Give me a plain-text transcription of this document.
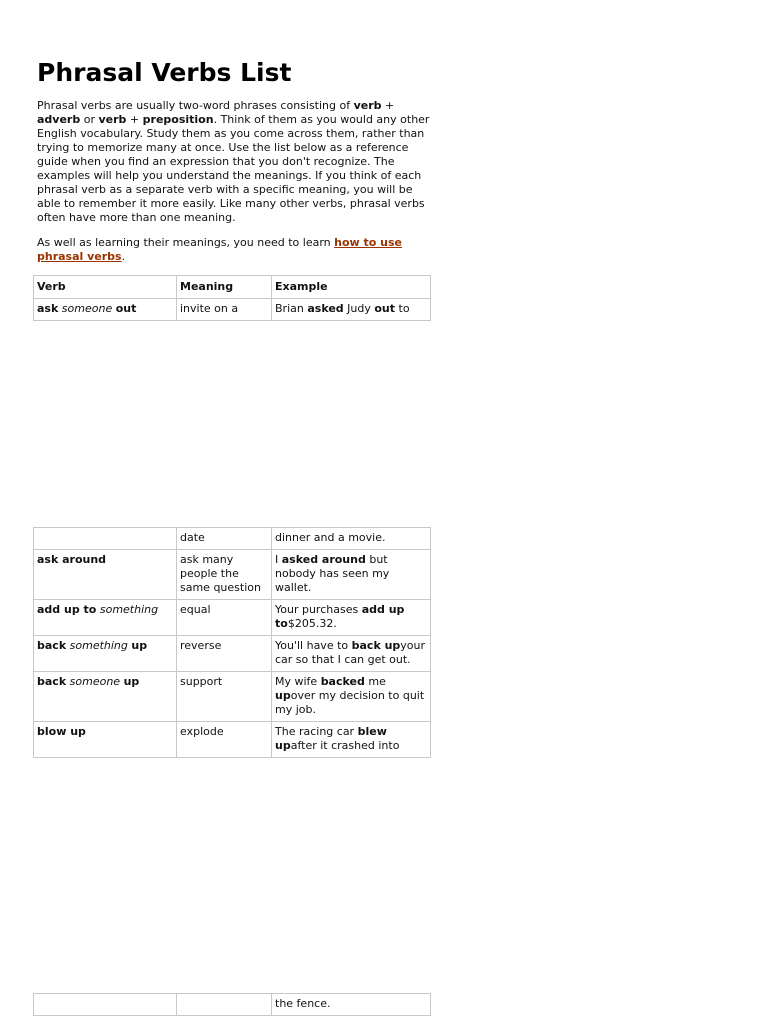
Phrasal Verbs List

Phrasal verbs are usually two-word phrases consisting of verb + adverb or verb + preposition. Think of them as you would any other English vocabulary. Study them as you come across them, rather than trying to memorize many at once. Use the list below as a reference guide when you find an expression that you don't recognize. The examples will help you understand the meanings. If you think of each phrasal verb as a separate verb with a specific meaning, you will be able to remember it more easily. Like many other verbs, phrasal verbs often have more than one meaning.

As well as learning their meanings, you need to learn how to use phrasal verbs.

Verb	Meaning	Example
ask someone out	invite on a	Brian asked Judy out to
	date	dinner and a movie.
ask around	ask many people the same question	I asked around but nobody has seen my wallet.
add up to something	equal	Your purchases add up to$205.32.
back something up	reverse	You'll have to back upyour car so that I can get out.
back someone up	support	My wife backed me upover my decision to quit my job.
blow up	explode	The racing car blew upafter it crashed into
		the fence.
